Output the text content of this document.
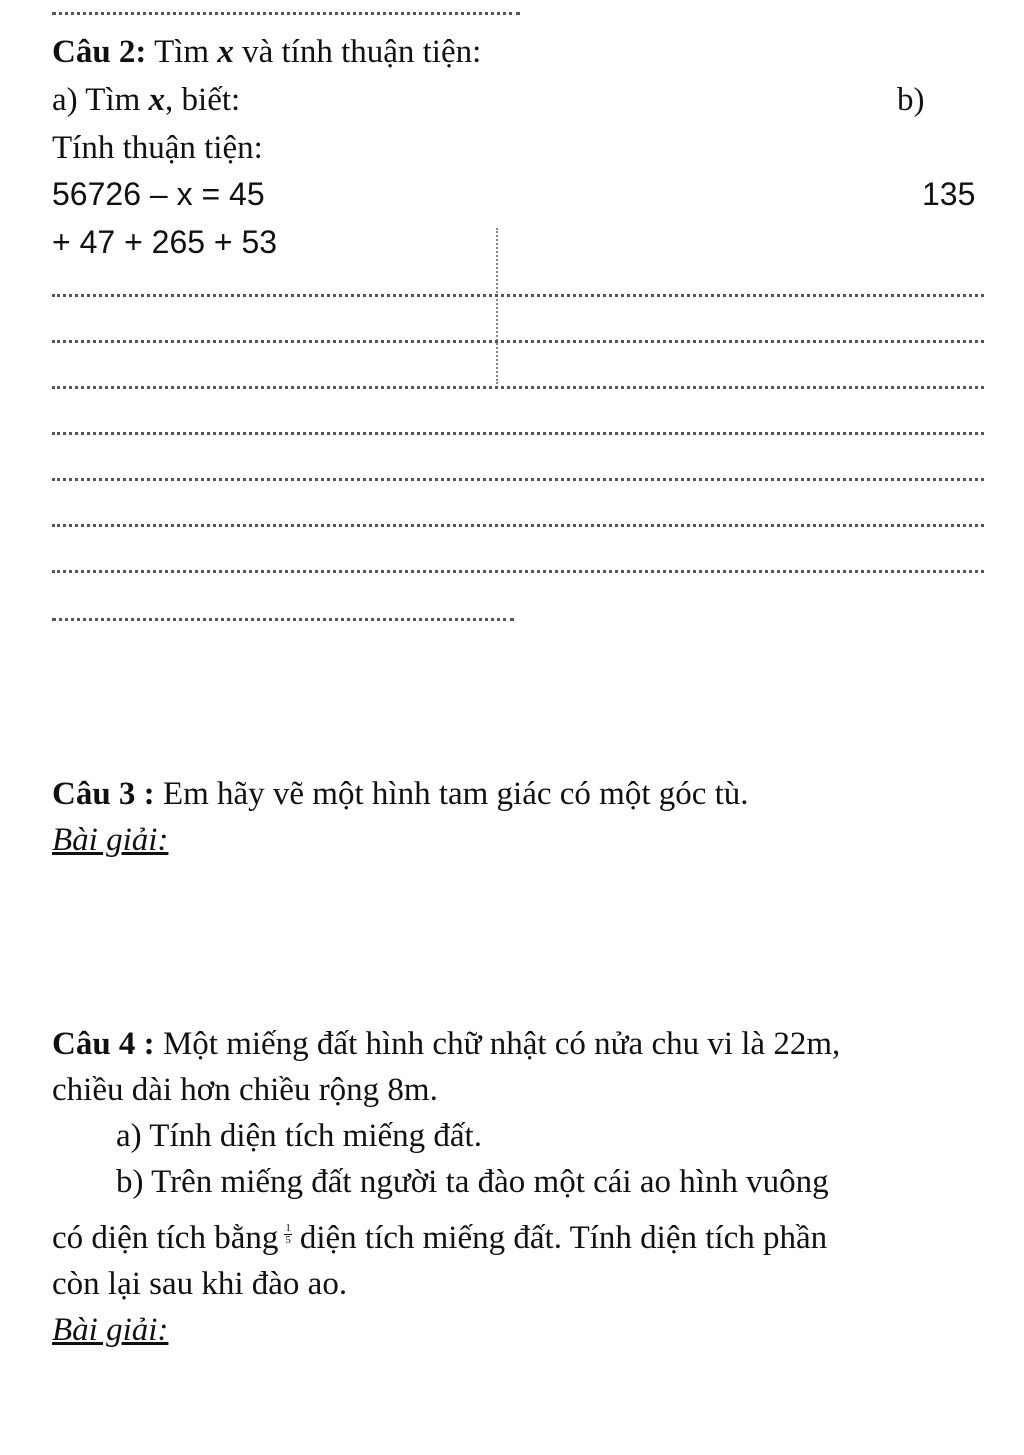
Câu 2: Tìm x và tính thuận tiện:
a) Tìm x, biết:	b)
Tính thuận tiện:
56726 – x = 45	135
+ 47 + 265 + 53
Câu 3 : Em hãy vẽ một hình tam giác có một góc tù.
Bài giải:
Câu 4 : Một miếng đất hình chữ nhật có nửa chu vi là 22m,
chiều dài hơn chiều rộng 8m.
a) Tính diện tích miếng đất.
b) Trên miếng đất người ta đào một cái ao hình vuông
có diện tích bằng $\frac{1}{5}$ diện tích miếng đất. Tính diện tích phần
còn lại sau khi đào ao.
Bài giải:
